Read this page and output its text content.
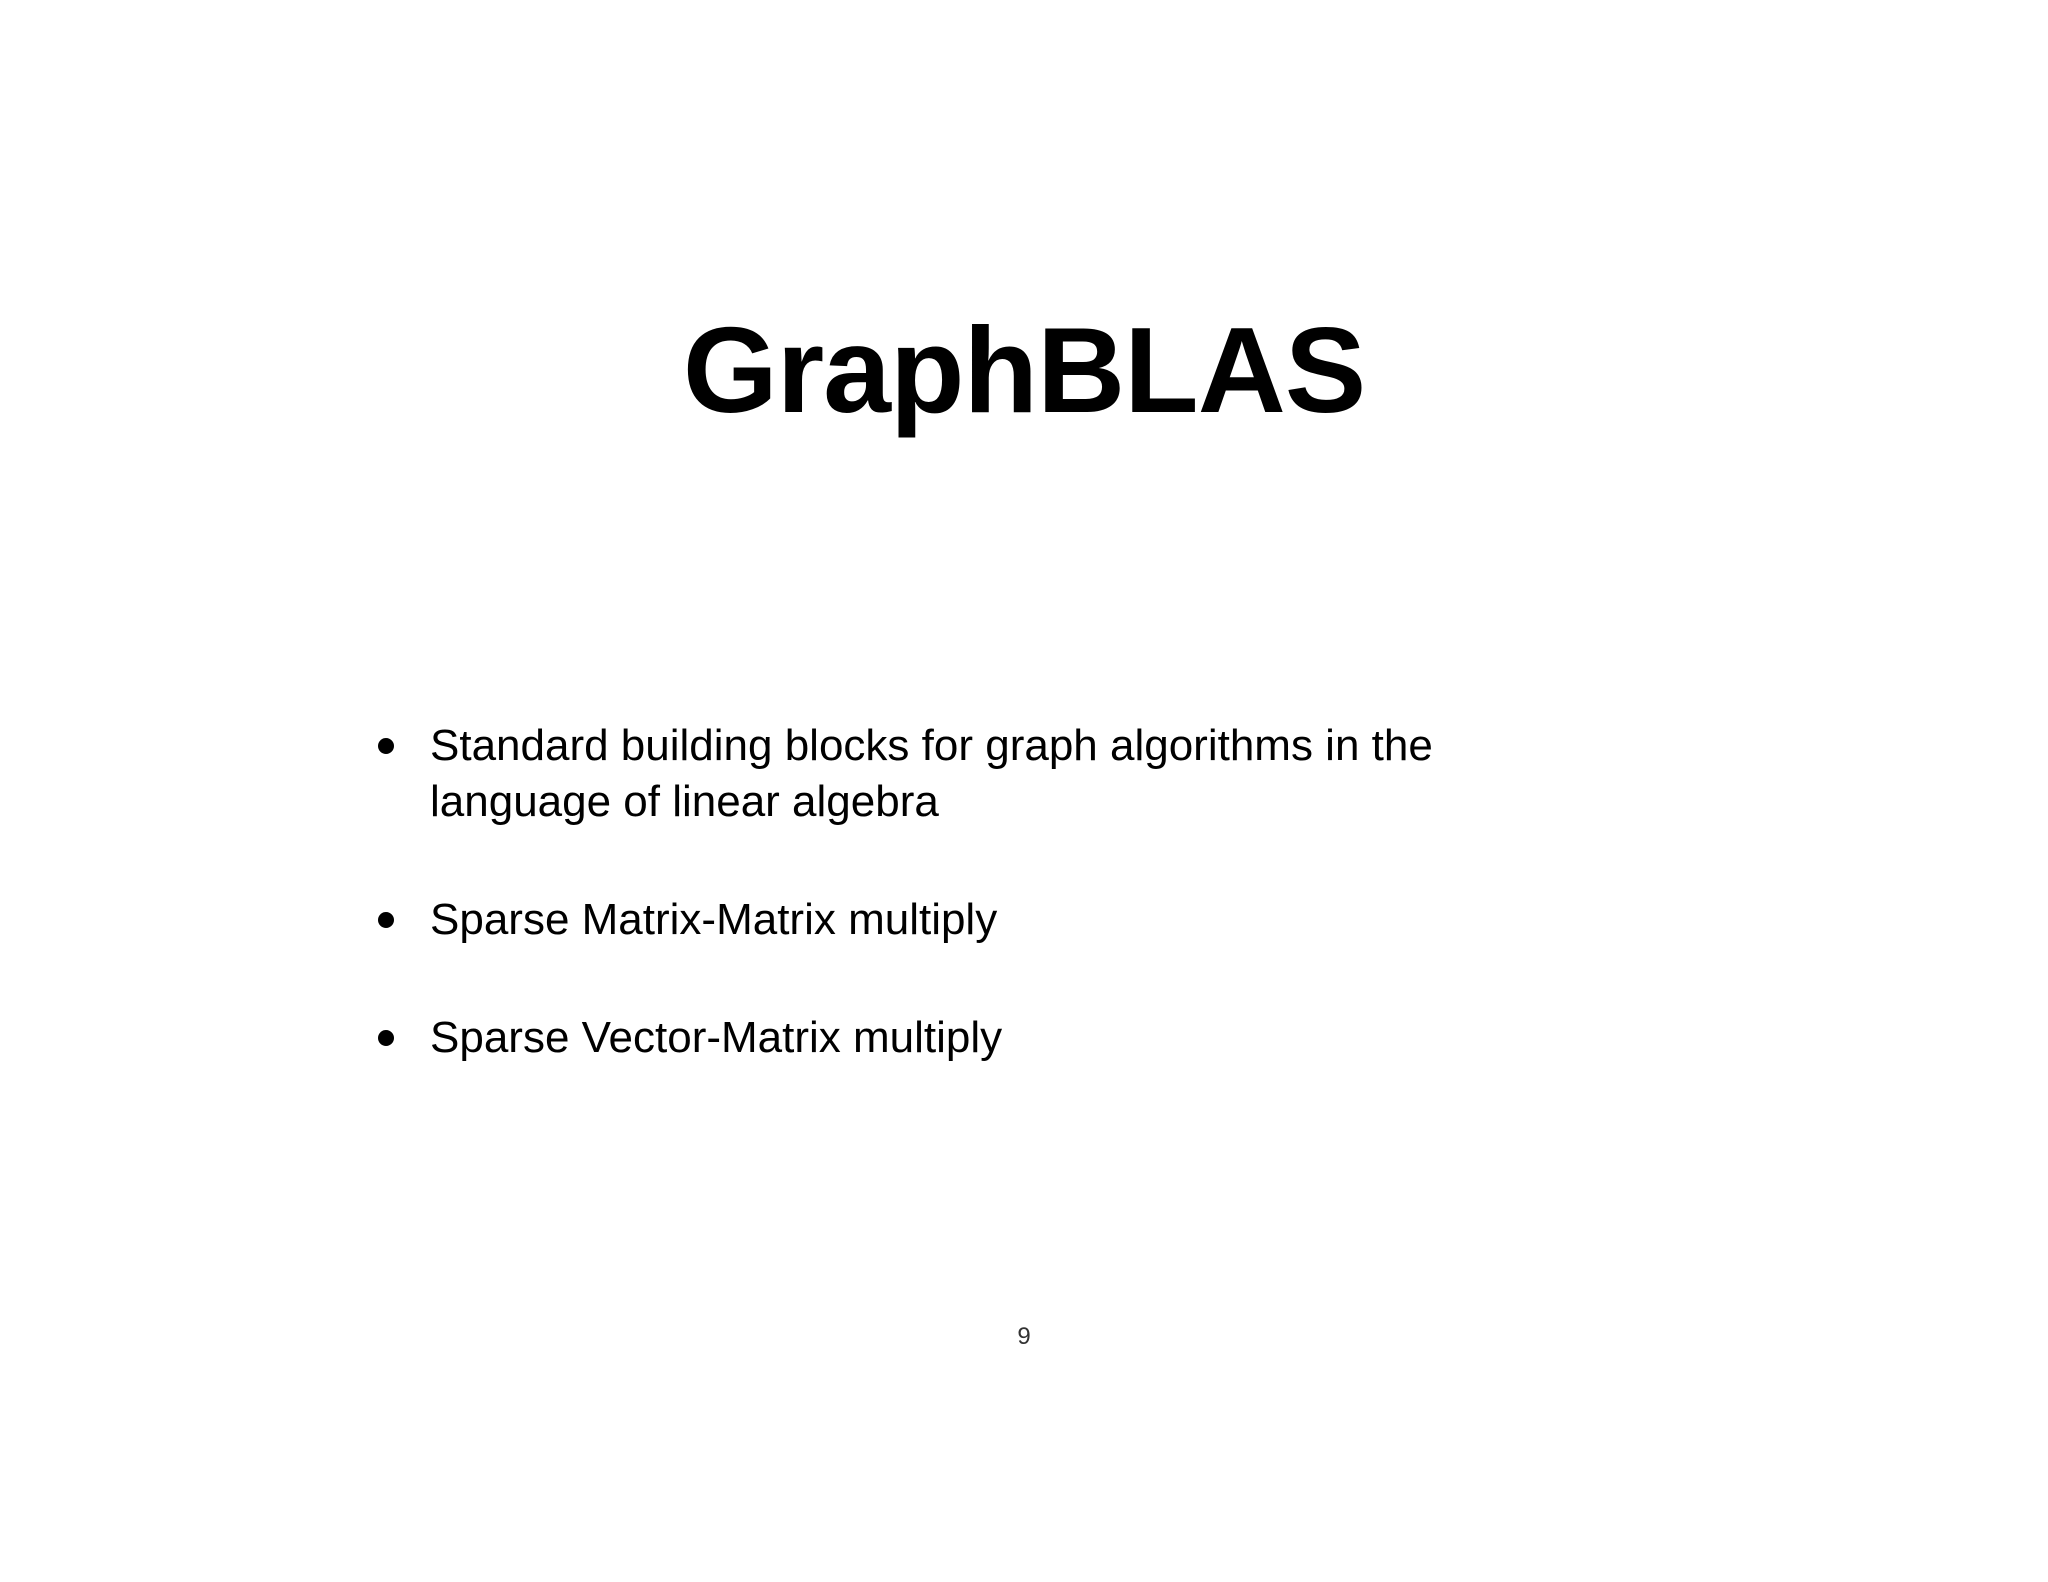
GraphBLAS
Standard building blocks for graph algorithms in the language of linear algebra
Sparse Matrix-Matrix multiply
Sparse Vector-Matrix multiply
9
